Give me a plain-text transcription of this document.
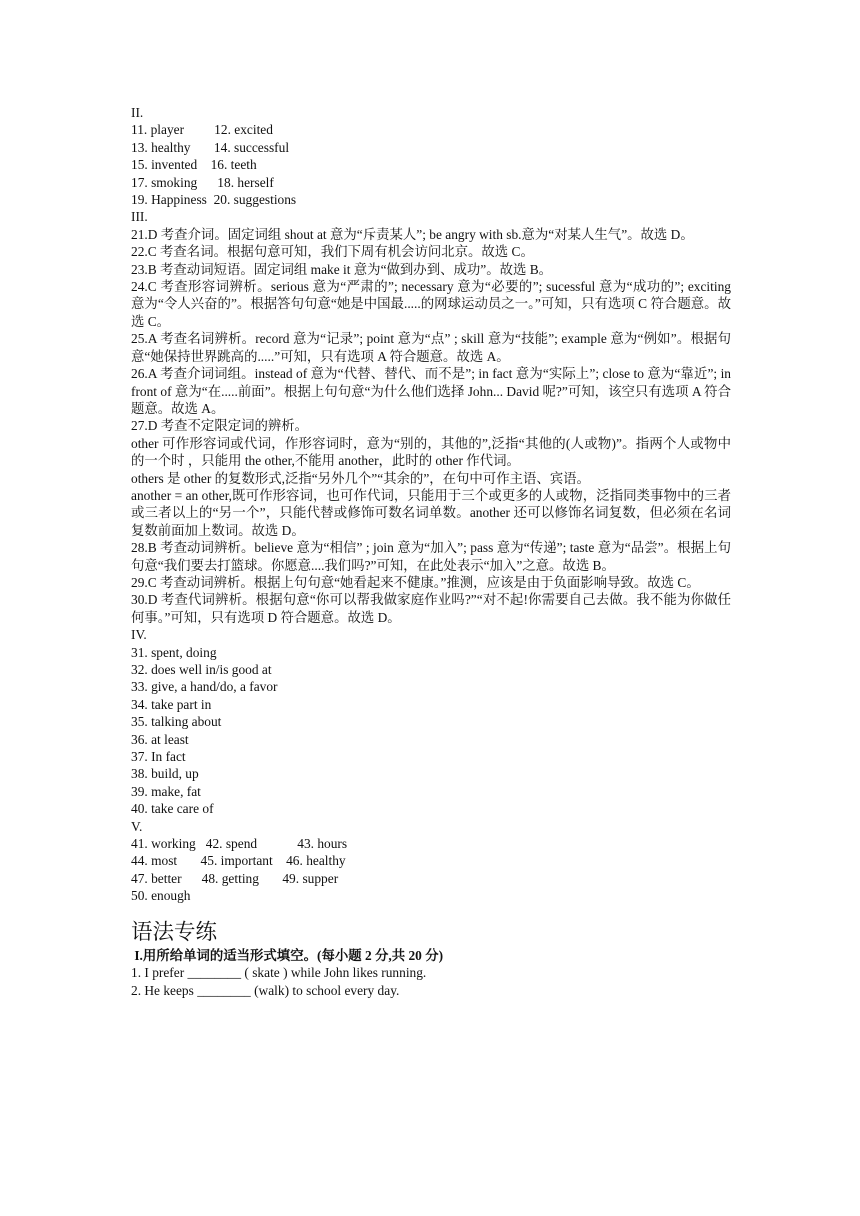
II.

11. player         12. excited

13. healthy       14. successful

15. invented    16. teeth

17. smoking      18. herself

19. Happiness  20. suggestions

III.

21.D 考查介词。固定词组 shout at 意为“斥责某人”; be angry with sb.意为“对某人生气”。故选 D。

22.C 考查名词。根据句意可知，我们下周有机会访问北京。故选 C。

23.B 考查动词短语。固定词组 make it 意为“做到办到、成功”。故选 B。

24.C 考查形容词辨析。serious 意为“严肃的”; necessary 意为“必要的”; sucessful 意为“成功的”; exciting 意为“令人兴奋的”。根据答句句意“她是中国最.....的网球运动员之一。”可知，只有选项 C 符合题意。故选 C。

25.A 考查名词辨析。record 意为“记录”; point 意为“点” ; skill 意为“技能”; example 意为“例如”。根据句意“她保持世界跳高的.....”可知，只有选项 A 符合题意。故选 A。

26.A 考查介词词组。instead of 意为“代替、替代、而不是”; in fact 意为“实际上”; close to 意为“靠近”; in front of 意为“在.....前面”。根据上句句意“为什么他们选择 John... David 呢?”可知，该空只有选项 A 符合题意。故选 A。

27.D 考查不定限定词的辨析。

other 可作形容词或代词，作形容词时，意为“别的，其他的”,泛指“其他的(人或物)”。指两个人或物中的一个时 ，只能用 the other,不能用 another，此时的 other 作代词。

others 是 other 的复数形式,泛指“另外几个”“其余的”，在句中可作主语、宾语。

another = an other,既可作形容词，也可作代词，只能用于三个或更多的人或物，泛指同类事物中的三者或三者以上的“另一个”，只能代替或修饰可数名词单数。another 还可以修饰名词复数，但必须在名词复数前面加上数词。故选 D。

28.B 考查动词辨析。believe 意为“相信” ; join 意为“加入”; pass 意为“传递”; taste 意为“品尝”。根据上句句意“我们要去打篮球。你愿意....我们吗?”可知，在此处表示“加入”之意。故选 B。

29.C 考查动词辨析。根据上句句意“她看起来不健康。”推测，应该是由于负面影响导致。故选 C。

30.D 考查代词辨析。根据句意“你可以帮我做家庭作业吗?”“对不起!你需要自己去做。我不能为你做任何事。”可知，只有选项 D 符合题意。故选 D。

IV.

31. spent, doing

32. does well in/is good at

33. give, a hand/do, a favor

34. take part in

35. talking about

36. at least

37. In fact

38. build, up

39. make, fat

40. take care of

V.

41. working   42. spend            43. hours

44. most       45. important    46. healthy

47. better      48. getting       49. supper

50. enough

语法专练

I.用所给单词的适当形式填空。(每小题 2 分,共 20 分)

1. I prefer ________ ( skate ) while John likes running.

2. He keeps ________ (walk) to school every day.
